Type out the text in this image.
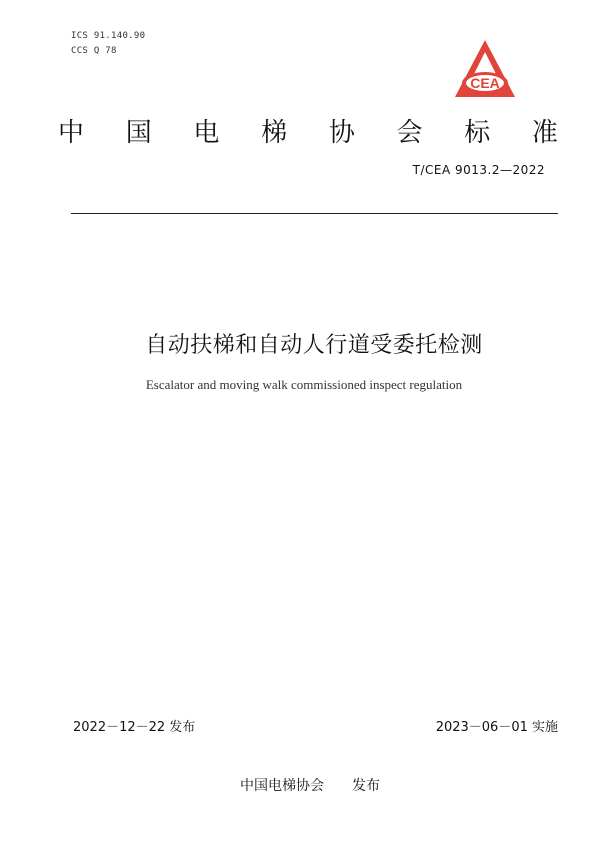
ICS 91.140.90
CCS Q 78
CEA
中 国 电 梯 协 会 标 准
T/CEA 9013.2—2022
自动扶梯和自动人行道受委托检测
Escalator and moving walk commissioned inspect regulation
2022－12－22 发布	2023－06－01 实施
中国电梯协会 发布
